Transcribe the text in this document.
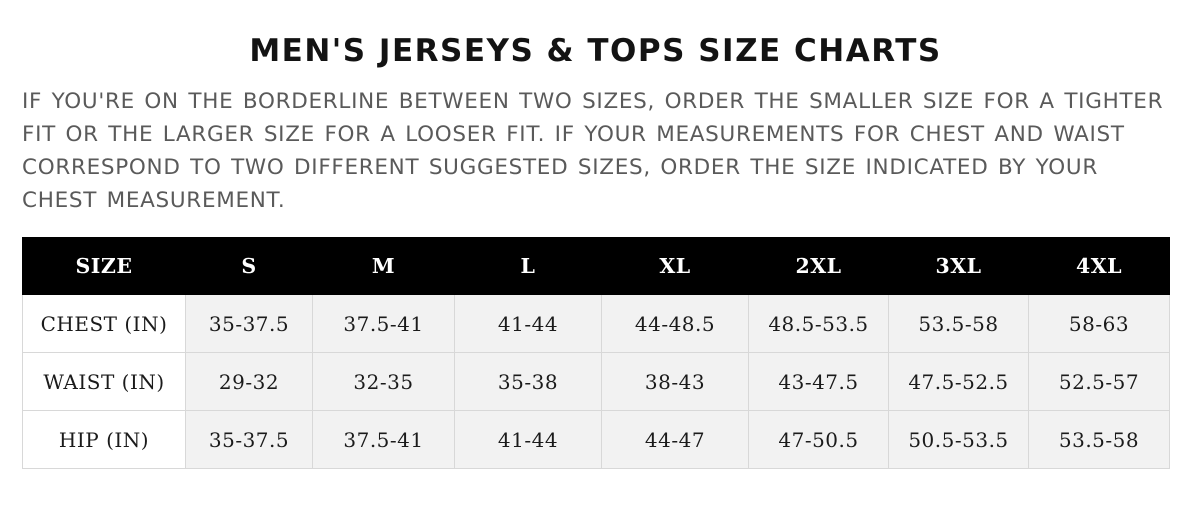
MEN'S JERSEYS & TOPS SIZE CHARTS

IF YOU'RE ON THE BORDERLINE BETWEEN TWO SIZES, ORDER THE SMALLER SIZE FOR A TIGHTER FIT OR THE LARGER SIZE FOR A LOOSER FIT. IF YOUR MEASUREMENTS FOR CHEST AND WAIST CORRESPOND TO TWO DIFFERENT SUGGESTED SIZES, ORDER THE SIZE INDICATED BY YOUR CHEST MEASUREMENT.

SIZE	S	M	L	XL	2XL	3XL	4XL
CHEST (IN)	35-37.5	37.5-41	41-44	44-48.5	48.5-53.5	53.5-58	58-63
WAIST (IN)	29-32	32-35	35-38	38-43	43-47.5	47.5-52.5	52.5-57
HIP (IN)	35-37.5	37.5-41	41-44	44-47	47-50.5	50.5-53.5	53.5-58
